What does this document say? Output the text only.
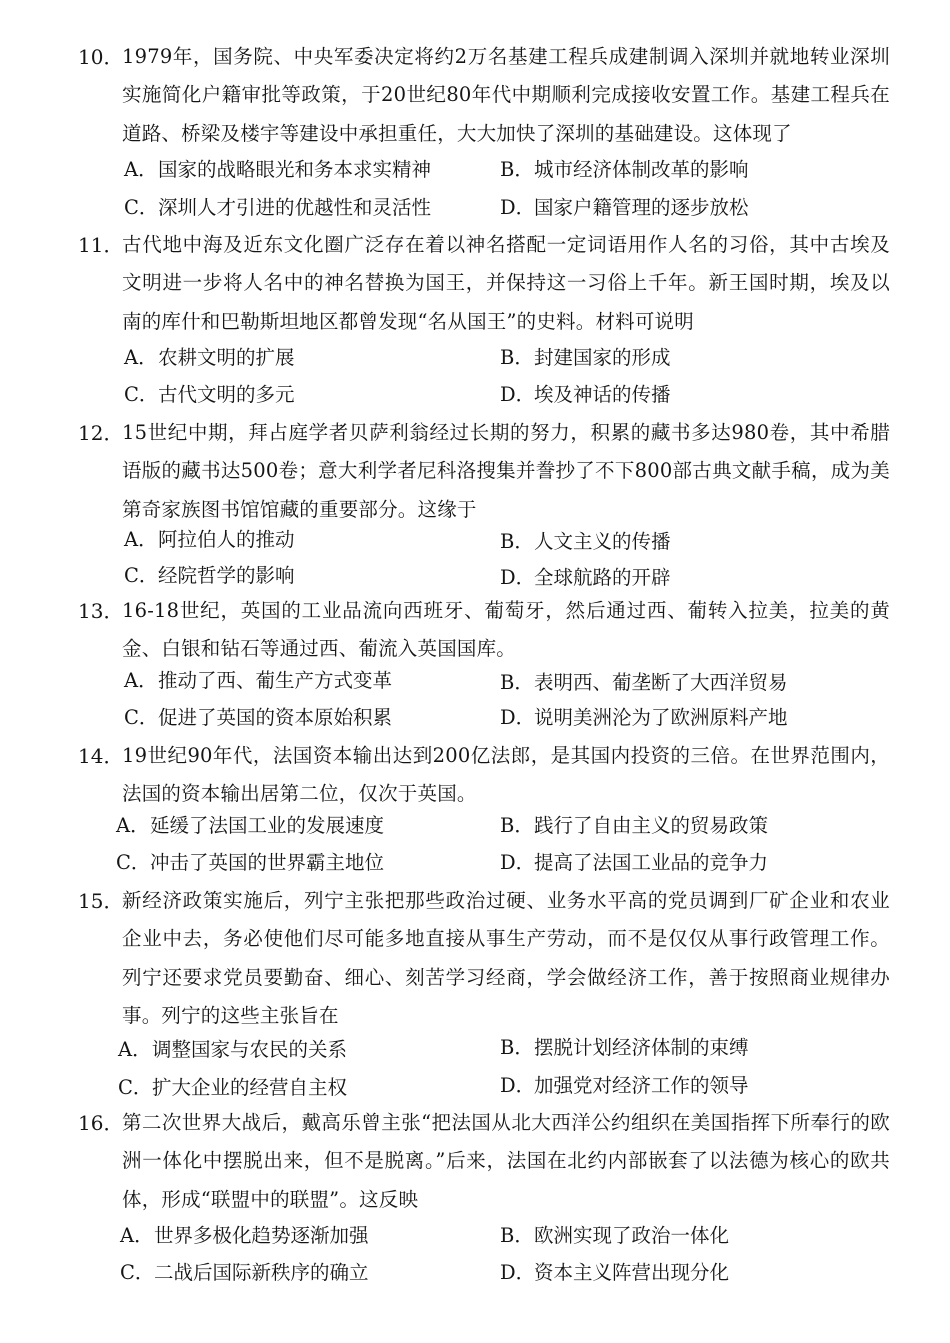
10．
1979年，国务院、中央军委决定将约2万名基建工程兵成建制调入深圳并就地转业深圳实施简化户籍审批等政策，于20世纪80年代中期顺利完成接收安置工作。基建工程兵在道路、桥梁及楼宇等建设中承担重任，大大加快了深圳的基础建设。这体现了
A．国家的战略眼光和务本求实精神	B．城市经济体制改革的影响
C．深圳人才引进的优越性和灵活性	D．国家户籍管理的逐步放松
11．
古代地中海及近东文化圈广泛存在着以神名搭配一定词语用作人名的习俗，其中古埃及文明进一步将人名中的神名替换为国王，并保持这一习俗上千年。新王国时期，埃及以南的库什和巴勒斯坦地区都曾发现“名从国王”的史料。材料可说明
A．农耕文明的扩展	B．封建国家的形成
C．古代文明的多元	D．埃及神话的传播
12．
15世纪中期，拜占庭学者贝萨利翁经过长期的努力，积累的藏书多达980卷，其中希腊语版的藏书达500卷；意大利学者尼科洛搜集并誊抄了不下800部古典文献手稿，成为美第奇家族图书馆馆藏的重要部分。这缘于
A．阿拉伯人的推动	B．人文主义的传播
C．经院哲学的影响	D．全球航路的开辟
13．
16-18世纪，英国的工业品流向西班牙、葡萄牙，然后通过西、葡转入拉美，拉美的黄金、白银和钻石等通过西、葡流入英国国库。
A．推动了西、葡生产方式变革	B．表明西、葡垄断了大西洋贸易
C．促进了英国的资本原始积累	D．说明美洲沦为了欧洲原料产地
14．
19世纪90年代，法国资本输出达到200亿法郎，是其国内投资的三倍。在世界范围内，法国的资本输出居第二位，仅次于英国。
A．延缓了法国工业的发展速度	B．践行了自由主义的贸易政策
C．冲击了英国的世界霸主地位	D．提高了法国工业品的竞争力
15．
新经济政策实施后，列宁主张把那些政治过硬、业务水平高的党员调到厂矿企业和农业企业中去，务必使他们尽可能多地直接从事生产劳动，而不是仅仅从事行政管理工作。列宁还要求党员要勤奋、细心、刻苦学习经商，学会做经济工作，善于按照商业规律办事。列宁的这些主张旨在
A．调整国家与农民的关系	B．摆脱计划经济体制的束缚
C．扩大企业的经营自主权	D．加强党对经济工作的领导
16．
第二次世界大战后，戴高乐曾主张“把法国从北大西洋公约组织在美国指挥下所奉行的欧洲一体化中摆脱出来，但不是脱离。”后来，法国在北约内部嵌套了以法德为核心的欧共体，形成“联盟中的联盟”。这反映
A．世界多极化趋势逐渐加强	B．欧洲实现了政治一体化
C．二战后国际新秩序的确立	D．资本主义阵营出现分化
